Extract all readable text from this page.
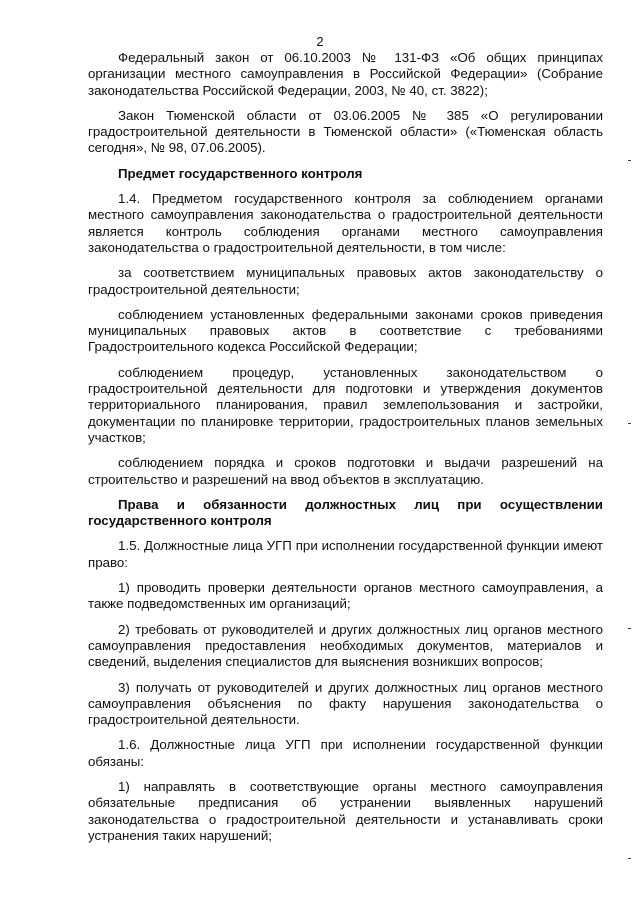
2

Федеральный закон от 06.10.2003 № 131-ФЗ «Об общих принципах организации местного самоуправления в Российской Федерации» (Собрание законодательства Российской Федерации, 2003, № 40, ст. 3822);

Закон Тюменской области от 03.06.2005 № 385 «О регулировании градостроительной деятельности в Тюменской области» («Тюменская область сегодня», № 98, 07.06.2005).

Предмет государственного контроля

1.4. Предметом государственного контроля за соблюдением органами местного самоуправления законодательства о градостроительной деятельности является контроль соблюдения органами местного самоуправления законодательства о градостроительной деятельности, в том числе:

за соответствием муниципальных правовых актов законодательству о градостроительной деятельности;

соблюдением установленных федеральными законами сроков приведения муниципальных правовых актов в соответствие с требованиями Градостроительного кодекса Российской Федерации;

соблюдением процедур, установленных законодательством о градостроительной деятельности для подготовки и утверждения документов территориального планирования, правил землепользования и застройки, документации по планировке территории, градостроительных планов земельных участков;

соблюдением порядка и сроков подготовки и выдачи разрешений на строительство и разрешений на ввод объектов в эксплуатацию.

Права и обязанности должностных лиц при осуществлении государственного контроля

1.5. Должностные лица УГП при исполнении государственной функции имеют право:

1) проводить проверки деятельности органов местного самоуправления, а также подведомственных им организаций;

2) требовать от руководителей и других должностных лиц органов местного самоуправления предоставления необходимых документов, материалов и сведений, выделения специалистов для выяснения возникших вопросов;

3) получать от руководителей и других должностных лиц органов местного самоуправления объяснения по факту нарушения законодательства о градостроительной деятельности.

1.6. Должностные лица УГП при исполнении государственной функции обязаны:

1) направлять в соответствующие органы местного самоуправления обязательные предписания об устранении выявленных нарушений законодательства о градостроительной деятельности и устанавливать сроки устранения таких нарушений;
